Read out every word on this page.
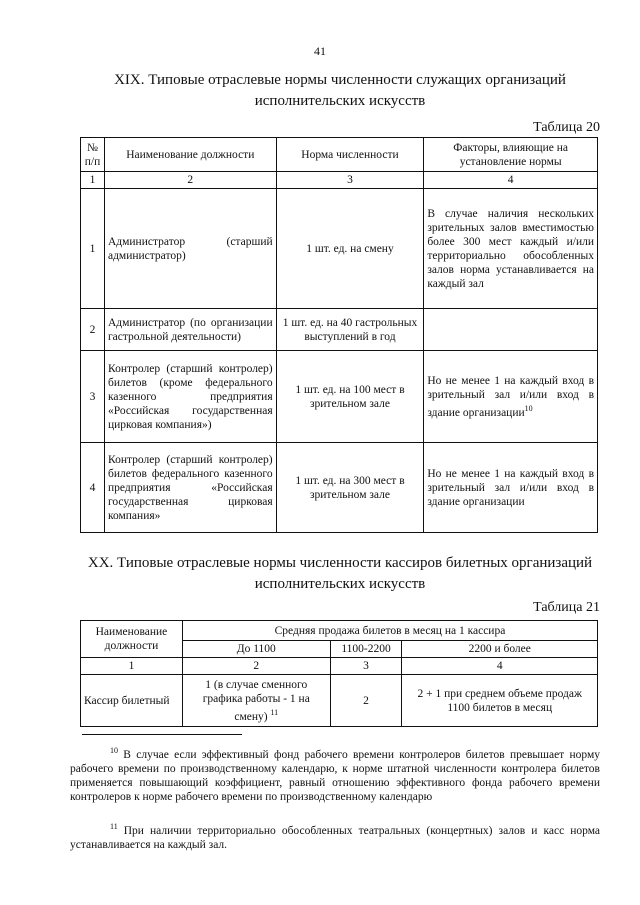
41
XIX. Типовые отраслевые нормы численности служащих организаций
исполнительских искусств
Таблица 20
№ п/п	Наименование должности	Норма численности	Факторы, влияющие на установление нормы
1	2	3	4
1	Администратор (старший администратор)	1 шт. ед. на смену	В случае наличия нескольких зрительных залов вместимостью более 300 мест каждый и/или территориально обособленных залов норма устанавливается на каждый зал
2	Администратор (по организации гастрольной деятельности)	1 шт. ед. на 40 гастрольных выступлений в год	
3	Контролер (старший контролер) билетов (кроме федерального казенного предприятия «Российская государственная цирковая компания»)	1 шт. ед. на 100 мест в зрительном зале	Но не менее 1 на каждый вход в зрительный зал и/или вход в здание организации$^{10}$
4	Контролер (старший контролер) билетов федерального казенного предприятия «Российская государственная цирковая компания»	1 шт. ед. на 300 мест в зрительном зале	Но не менее 1 на каждый вход в зрительный зал и/или вход в здание организации
XX. Типовые отраслевые нормы численности кассиров билетных организаций
исполнительских искусств
Таблица 21
Наименование должности	Средняя продажа билетов в месяц на 1 кассира		
	До 1100	1100-2200	2200 и более
1	2	3	4
Кассир билетный	1 (в случае сменного графика работы - 1 на смену) $^{11}$	2	2 + 1 при среднем объеме продаж 1100 билетов в месяц
$^{10}$ В случае если эффективный фонд рабочего времени контролеров билетов превышает норму рабочего времени по производственному календарю, к норме штатной численности контролера билетов применяется повышающий коэффициент, равный отношению эффективного фонда рабочего времени контролеров к норме рабочего времени по производственному календарю
$^{11}$ При наличии территориально обособленных театральных (концертных) залов и касс норма устанавливается на каждый зал.
